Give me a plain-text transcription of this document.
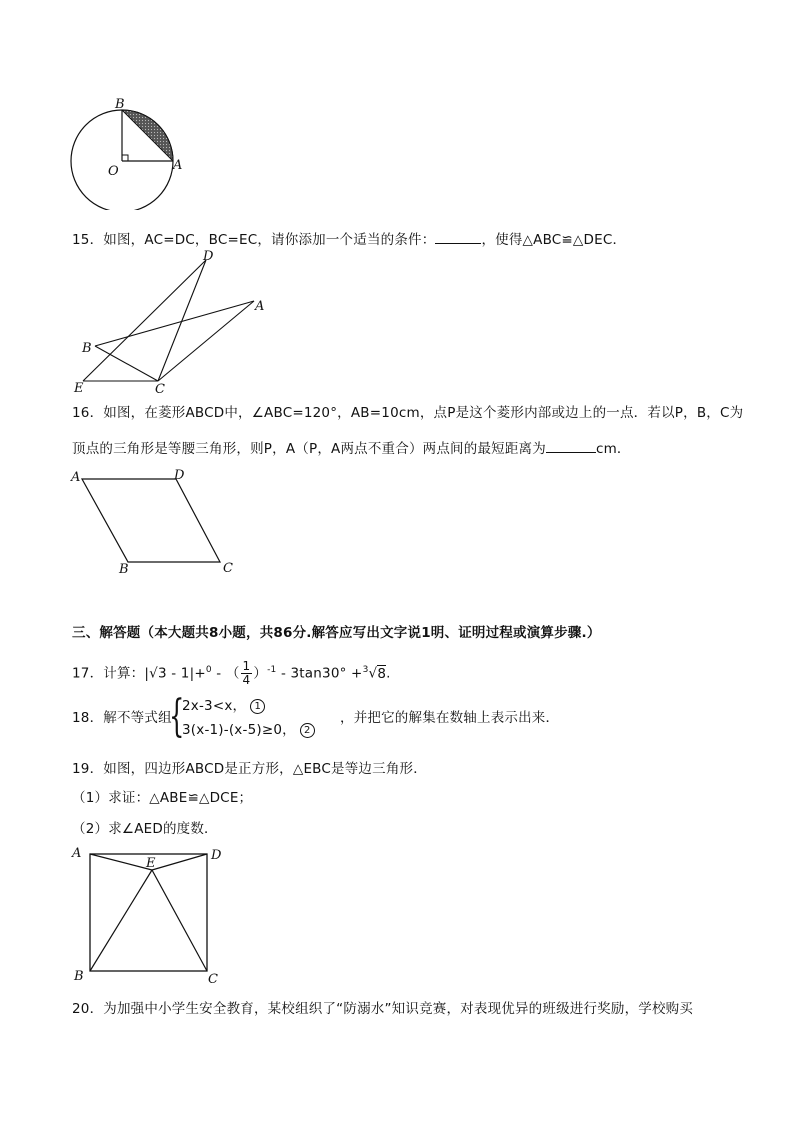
B
O	A
15．如图，AC=DC，BC=EC，请你添加一个适当的条件：	，使得△ABC≌△DEC．
D
A
B
E	C
16．如图，在菱形ABCD中，∠ABC=120°，AB=10cm，点P是这个菱形内部或边上的一点．若以P，B，C为
顶点的三角形是等腰三角形，则P，A（P，A两点不重合）两点间的最短距离为	cm．
A	D
B	C
三、解答题（本大题共8小题，共86分.解答应写出文字说1明、证明过程或演算步骤.）
17．计算：|√3 - 1|+$^0$ - （ $\frac{1}{4} )^{-1} - 3\tan 30^\circ +^3√8$.
18．解不等式组
{
2x-3<x， 1
3(x-1)-(x-5)≥0， 2
，并把它的解集在数轴上表示出来．
19．如图，四边形ABCD是正方形，△EBC是等边三角形．
（1）求证：△ABE≌△DCE；
（2）求∠AED的度数．
A
E
D
B	C
20．为加强中小学生安全教育，某校组织了“防溺水”知识竞赛，对表现优异的班级进行奖励，学校购买
